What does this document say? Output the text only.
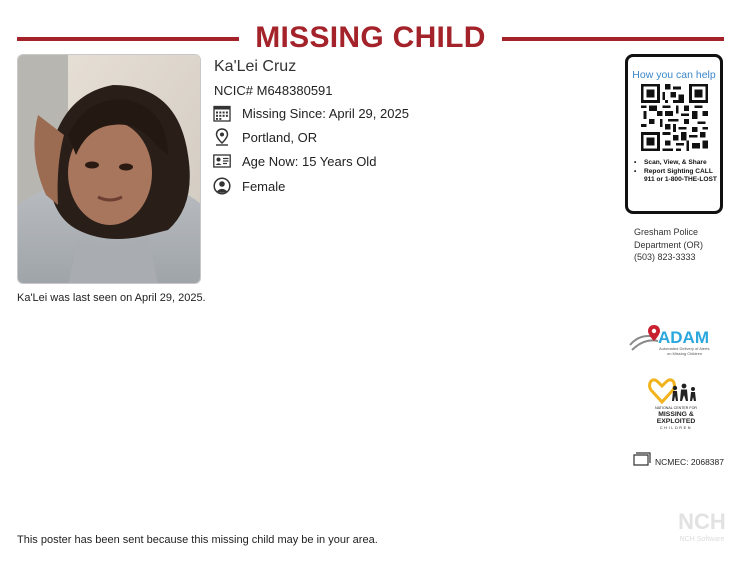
MISSING CHILD
Ka'Lei Cruz
NCIC# M648380591
Missing Since: April 29, 2025
Portland, OR
Age Now: 15 Years Old
Female
Ka'Lei was last seen on April 29, 2025.
This poster has been sent because this missing child may be in your area.
How you can help
• Scan, View, & Share
• Report Sighting CALL 911 or 1-800-THE-LOST
Gresham Police
Department (OR)
(503) 823-3333
ADAM
Automated Delivery of Alerts
on Missing Children
NATIONAL CENTER FOR
MISSING &
EXPLOITED
CHILDREN
NCMEC: 2068387
NCH
NCH Software
